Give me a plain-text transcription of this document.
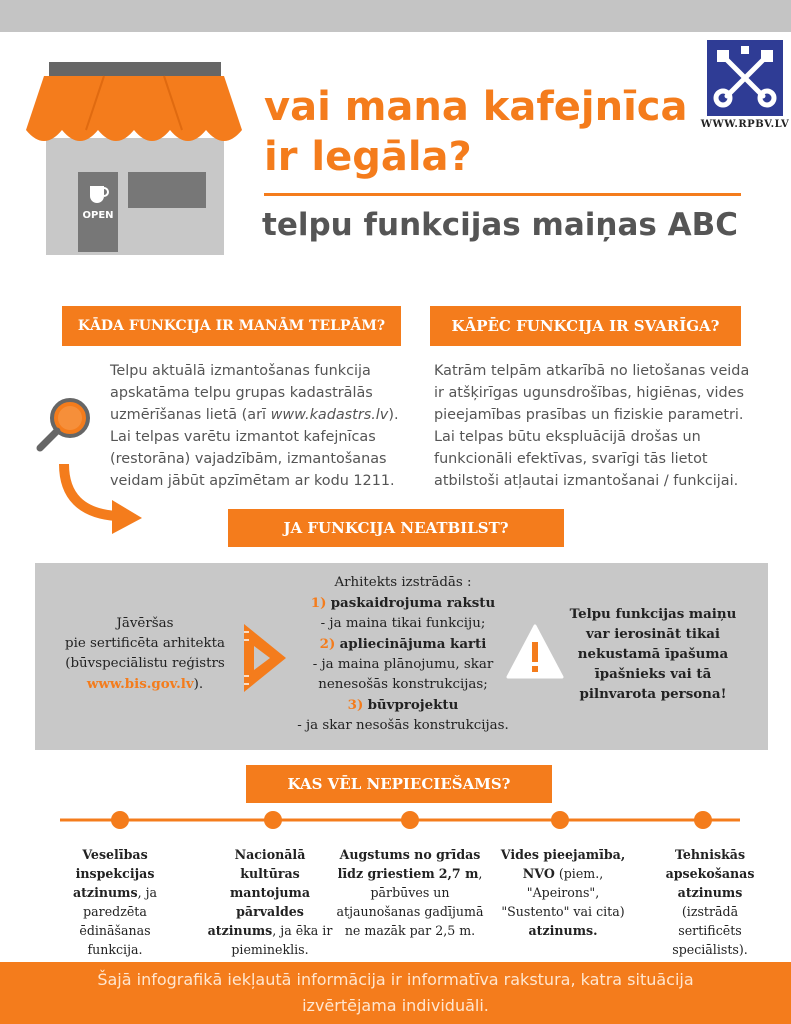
OPEN
vai mana kafejnīca
ir legāla?
telpu funkcijas maiņas ABC
WWW.RPBV.LV
KĀDA FUNKCIJA IR MANĀM TELPĀM?

Telpu aktuālā izmantošanas funkcija apskatāma telpu grupas kadastrālās uzmērīšanas lietā (arī www.kadastrs.lv). Lai telpas varētu izmantot kafejnīcas (restorāna) vajadzībām, izmantošanas veidam jābūt apzīmētam ar kodu 1211.

KĀPĒC FUNKCIJA IR SVARĪGA?

Katrām telpām atkarībā no lietošanas veida ir atšķirīgas ugunsdrošības, higiēnas, vides pieejamības prasības un fiziskie parametri. Lai telpas būtu ekspluācijā drošas un funkcionāli efektīvas, svarīgi tās lietot atbilstoši atļautai izmantošanai / funkcijai.

JA FUNKCIJA NEATBILST?

Jāvēršas
pie sertificēta arhitekta
(būvspeciālistu reģistrs
www.bis.gov.lv).

Arhitekts izstrādās :
1) paskaidrojuma rakstu
- ja maina tikai funkciju;
2) apliecinājuma karti
- ja maina plānojumu, skar
nenesošās konstrukcijas;
3) būvprojektu
- ja skar nesošās konstrukcijas.

Telpu funkcijas maiņu var ierosināt tikai nekustamā īpašuma īpašnieks vai tā pilnvarota persona!

KAS VĒL NEPIECIEŠAMS?

Veselības inspekcijas atzinums, ja paredzēta ēdināšanas funkcija.

Nacionālā kultūras mantojuma pārvaldes atzinums, ja ēka ir piemineklis.

Augstums no grīdas līdz griestiem 2,7 m, pārbūves un atjaunošanas gadījumā ne mazāk par 2,5 m.

Vides pieejamība, NVO (piem., "Apeirons", "Sustento" vai cita) atzinums.

Tehniskās apsekošanas atzinums (izstrādā sertificēts speciālists).

Šajā infografikā iekļautā informācija ir informatīva rakstura, katra situācija izvērtējama individuāli.
